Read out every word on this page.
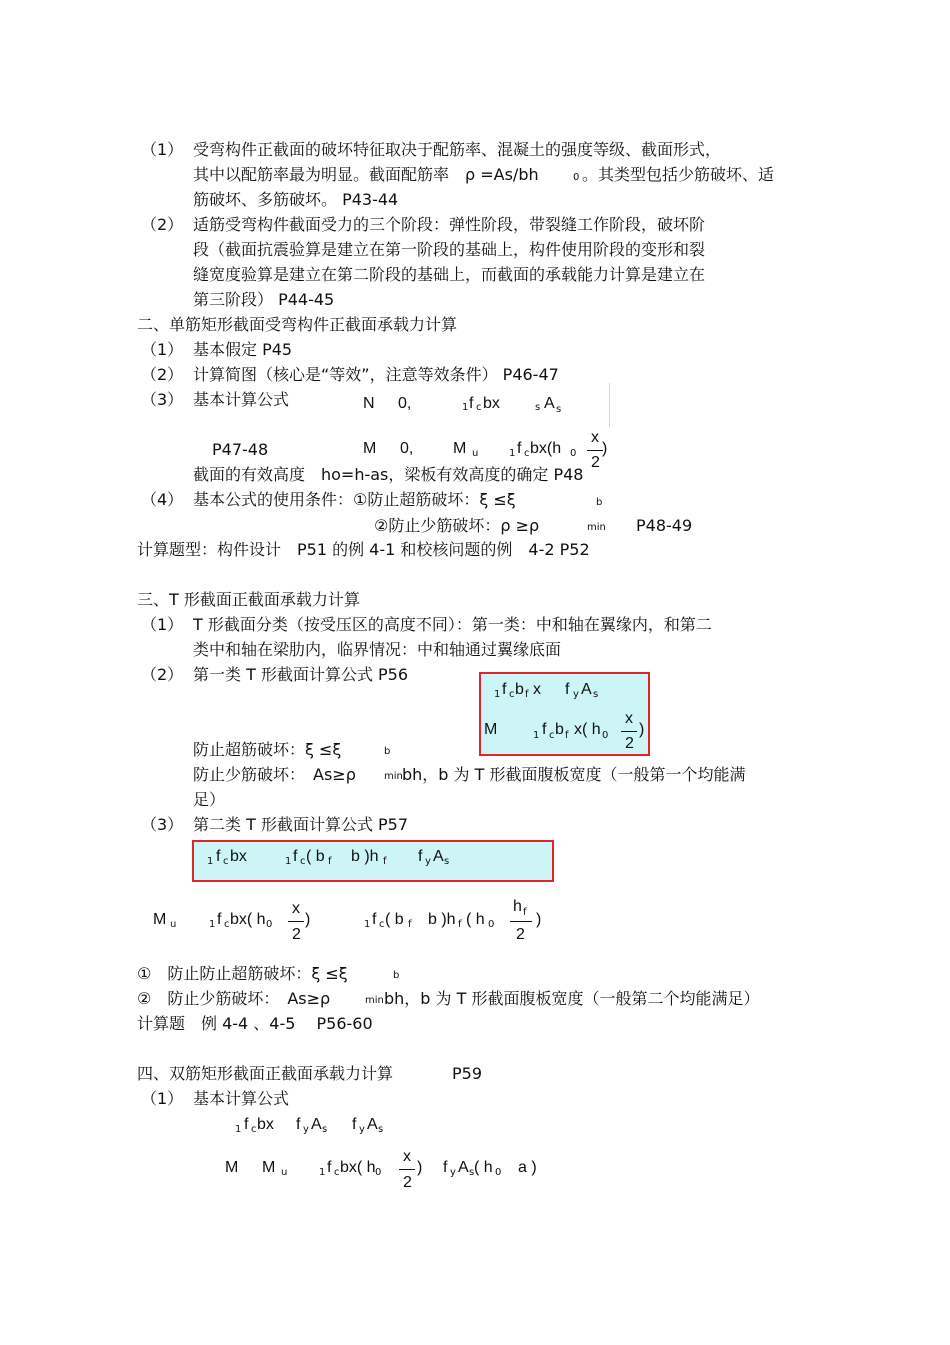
（1） 受弯构件正截面的破坏特征取决于配筋率、混凝土的强度等级、截面形式，
其中以配筋率最为明显。截面配筋率　ρ =As/bh	0 。其类型包括少筋破坏、适
筋破坏、多筋破坏。 P43-44
（2） 适筋受弯构件截面受力的三个阶段：弹性阶段，带裂缝工作阶段，破坏阶
段（截面抗震验算是建立在第一阶段的基础上，构件使用阶段的变形和裂
缝宽度验算是建立在第二阶段的基础上，而截面的承载能力计算是建立在
第三阶段） P44-45
二、单筋矩形截面受弯构件正截面承载力计算
（1） 基本假定 P45
（2） 计算简图（核心是“等效”，注意等效条件） P46-47
（3） 基本计算公式	N 0,	1 f c bx	s A s
P47-48	M 0, M u	1 f c bx(h 0
x
2
)
截面的有效高度　ho=h-as，梁板有效高度的确定 P48
（4） 基本公式的使用条件：①防止超筋破坏：ξ ≤ξ	b
②防止少筋破坏：ρ ≥ρ	min P48-49
计算题型：构件设计　P51 的例 4-1 和校核问题的例　4-2 P52
三、T 形截面正截面承载力计算
（1） T 形截面分类（按受压区的高度不同）：第一类：中和轴在翼缘内，和第二
类中和轴在梁肋内，临界情况：中和轴通过翼缘底面
（2） 第一类 T 形截面计算公式 P56
1 f c b f x f y A s
M	1 f c b f x( h 0
x
2
)
防止超筋破坏：ξ ≤ξ	b
防止少筋破坏：　As≥ρ	min bh，b 为 T 形截面腹板宽度（一般第一个均能满
足）
（3） 第二类 T 形截面计算公式 P57
1 f c bx	1 f c ( b f b )h f f y A s
M u	1 f c bx( h 0
x
2
)	1 f c ( b f b )h f ( h 0
h f
2
)
①　防止防止超筋破坏：ξ ≤ξ	b
②　防止少筋破坏：　As≥ρ	min bh，b 为 T 形截面腹板宽度（一般第二个均能满足）
计算题　例 4-4 、4-5 　P56-60
四、双筋矩形截面正截面承载力计算	P59
（1） 基本计算公式
1 f c bx f y A s f y A s
M M u	1 f c bx( h 0
x
2
) f y A s ( h 0 a )
